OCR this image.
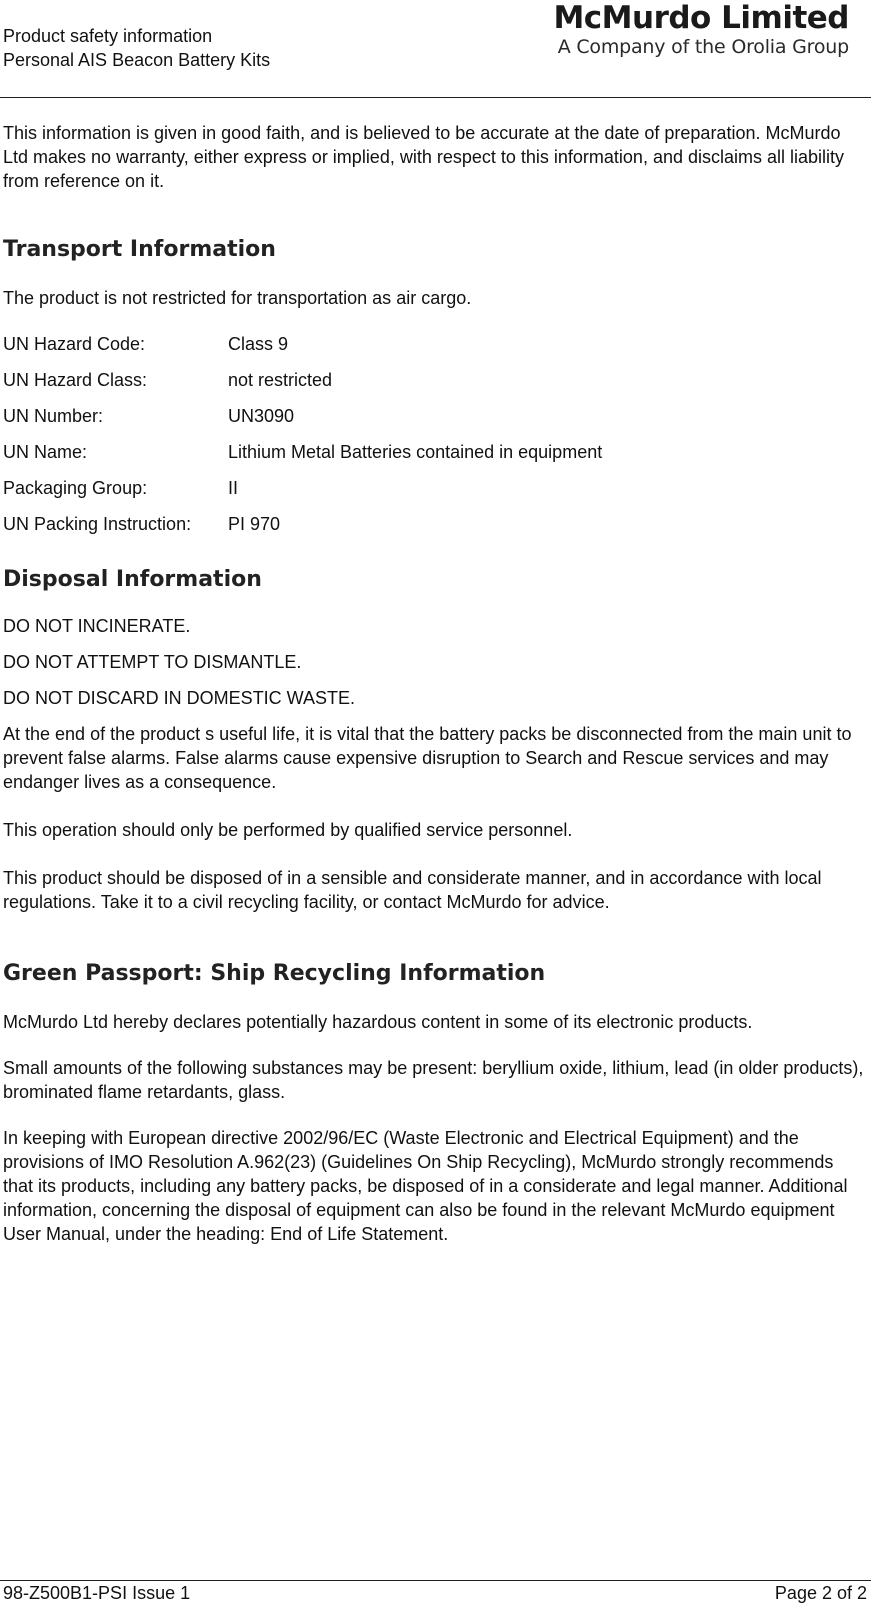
Product safety information
Personal AIS Beacon Battery Kits
McMurdo Limited
A Company of the Orolia Group

This information is given in good faith, and is believed to be accurate at the date of preparation. McMurdo Ltd makes no warranty, either express or implied, with respect to this information, and disclaims all liability from reference on it.

Transport Information

The product is not restricted for transportation as air cargo.

UN Hazard Code:	Class 9
UN Hazard Class:	not restricted
UN Number:	UN3090
UN Name:	Lithium Metal Batteries contained in equipment
Packaging Group:	II
UN Packing Instruction:	PI 970
Disposal Information

DO NOT INCINERATE.

DO NOT ATTEMPT TO DISMANTLE.

DO NOT DISCARD IN DOMESTIC WASTE.

At the end of the product s useful life, it is vital that the battery packs be disconnected from the main unit to prevent false alarms. False alarms cause expensive disruption to Search and Rescue services and may endanger lives as a consequence.

This operation should only be performed by qualified service personnel.

This product should be disposed of in a sensible and considerate manner, and in accordance with local regulations. Take it to a civil recycling facility, or contact McMurdo for advice.

Green Passport: Ship Recycling Information

McMurdo Ltd hereby declares potentially hazardous content in some of its electronic products.

Small amounts of the following substances may be present: beryllium oxide, lithium, lead (in older products), brominated flame retardants, glass.

In keeping with European directive 2002/96/EC (Waste Electronic and Electrical Equipment) and the provisions of IMO Resolution A.962(23) (Guidelines On Ship Recycling), McMurdo strongly recommends that its products, including any battery packs, be disposed of in a considerate and legal manner. Additional information, concerning the disposal of equipment can also be found in the relevant McMurdo equipment User Manual, under the heading: End of Life Statement.

98-Z500B1-PSI Issue 1	Page 2 of 2
